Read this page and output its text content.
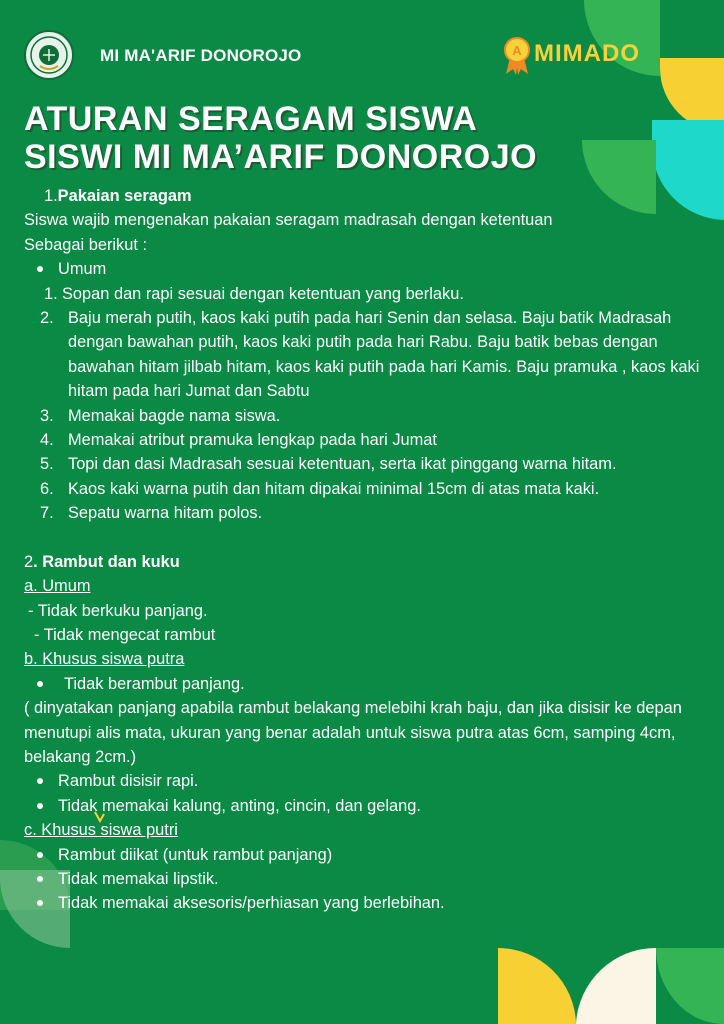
MI MA'ARIF DONOROJO	A MIMADO
ATURAN SERAGAM SISWA
SISWI MI MA’ARIF DONOROJO

1.Pakaian seragam

Siswa wajib mengenakan pakaian seragam madrasah dengan ketentuan

Sebagai berikut :

Umum

1. Sopan dan rapi sesuai dengan ketentuan yang berlaku.
2. Baju merah putih, kaos kaki putih pada hari Senin dan selasa. Baju batik Madrasah dengan bawahan putih, kaos kaki putih pada hari Rabu. Baju batik bebas dengan bawahan hitam jilbab hitam, kaos kaki putih pada hari Kamis. Baju pramuka , kaos kaki hitam pada hari Jumat dan Sabtu
3. Memakai bagde nama siswa.
4. Memakai atribut pramuka lengkap pada hari Jumat
5. Topi dan dasi Madrasah sesuai ketentuan, serta ikat pinggang warna hitam.
6. Kaos kaki warna putih dan hitam dipakai minimal 15cm di atas mata kaki.
7. Sepatu warna hitam polos.

2. Rambut dan kuku

a. Umum

- Tidak berkuku panjang.

- Tidak mengecat rambut

b. Khusus siswa putra

Tidak berambut panjang.

( dinyatakan panjang apabila rambut belakang melebihi krah baju, dan jika disisir ke depan menutupi alis mata, ukuran yang benar adalah untuk siswa putra atas 6cm, samping 4cm, belakang 2cm.)

Rambut disisir rapi.

Tidak memakai kalung, anting, cincin, dan gelang.

c. Khusus siswa putri

Rambut diikat (untuk rambut panjang)

Tidak memakai lipstik.

Tidak memakai aksesoris/perhiasan yang berlebihan.
